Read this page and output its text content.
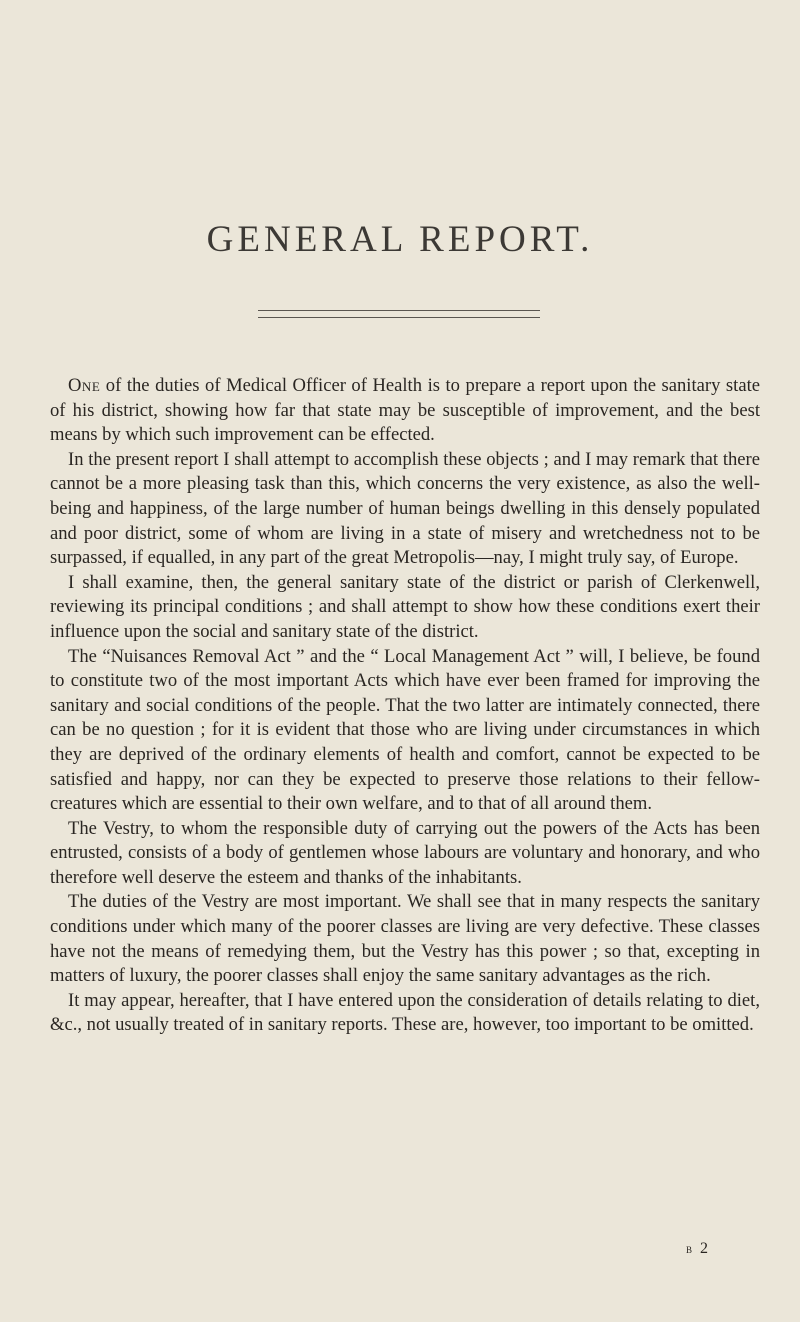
GENERAL REPORT.

One of the duties of Medical Officer of Health is to prepare a report upon the sanitary state of his district, showing how far that state may be susceptible of improvement, and the best means by which such improvement can be effected.

In the present report I shall attempt to accomplish these objects ; and I may remark that there cannot be a more pleasing task than this, which concerns the very existence, as also the well-being and happiness, of the large number of human beings dwelling in this densely populated and poor district, some of whom are living in a state of misery and wretchedness not to be surpassed, if equalled, in any part of the great Metropolis—nay, I might truly say, of Europe.

I shall examine, then, the general sanitary state of the district or parish of Clerkenwell, reviewing its principal conditions ; and shall attempt to show how these conditions exert their influence upon the social and sanitary state of the district.

The “Nuisances Removal Act ” and the “ Local Management Act ” will, I believe, be found to constitute two of the most important Acts which have ever been framed for improving the sanitary and social conditions of the people. That the two latter are intimately connected, there can be no question ; for it is evident that those who are living under circumstances in which they are deprived of the ordinary elements of health and comfort, cannot be expected to be satisfied and happy, nor can they be expected to preserve those relations to their fellow-creatures which are essential to their own welfare, and to that of all around them.

The Vestry, to whom the responsible duty of carrying out the powers of the Acts has been entrusted, consists of a body of gentlemen whose labours are voluntary and honorary, and who therefore well deserve the esteem and thanks of the inhabitants.

The duties of the Vestry are most important. We shall see that in many respects the sanitary conditions under which many of the poorer classes are living are very defective. These classes have not the means of remedying them, but the Vestry has this power ; so that, excepting in matters of luxury, the poorer classes shall enjoy the same sanitary advantages as the rich.

It may appear, hereafter, that I have entered upon the consideration of details relating to diet, &c., not usually treated of in sanitary reports. These are, however, too important to be omitted.

b 2
